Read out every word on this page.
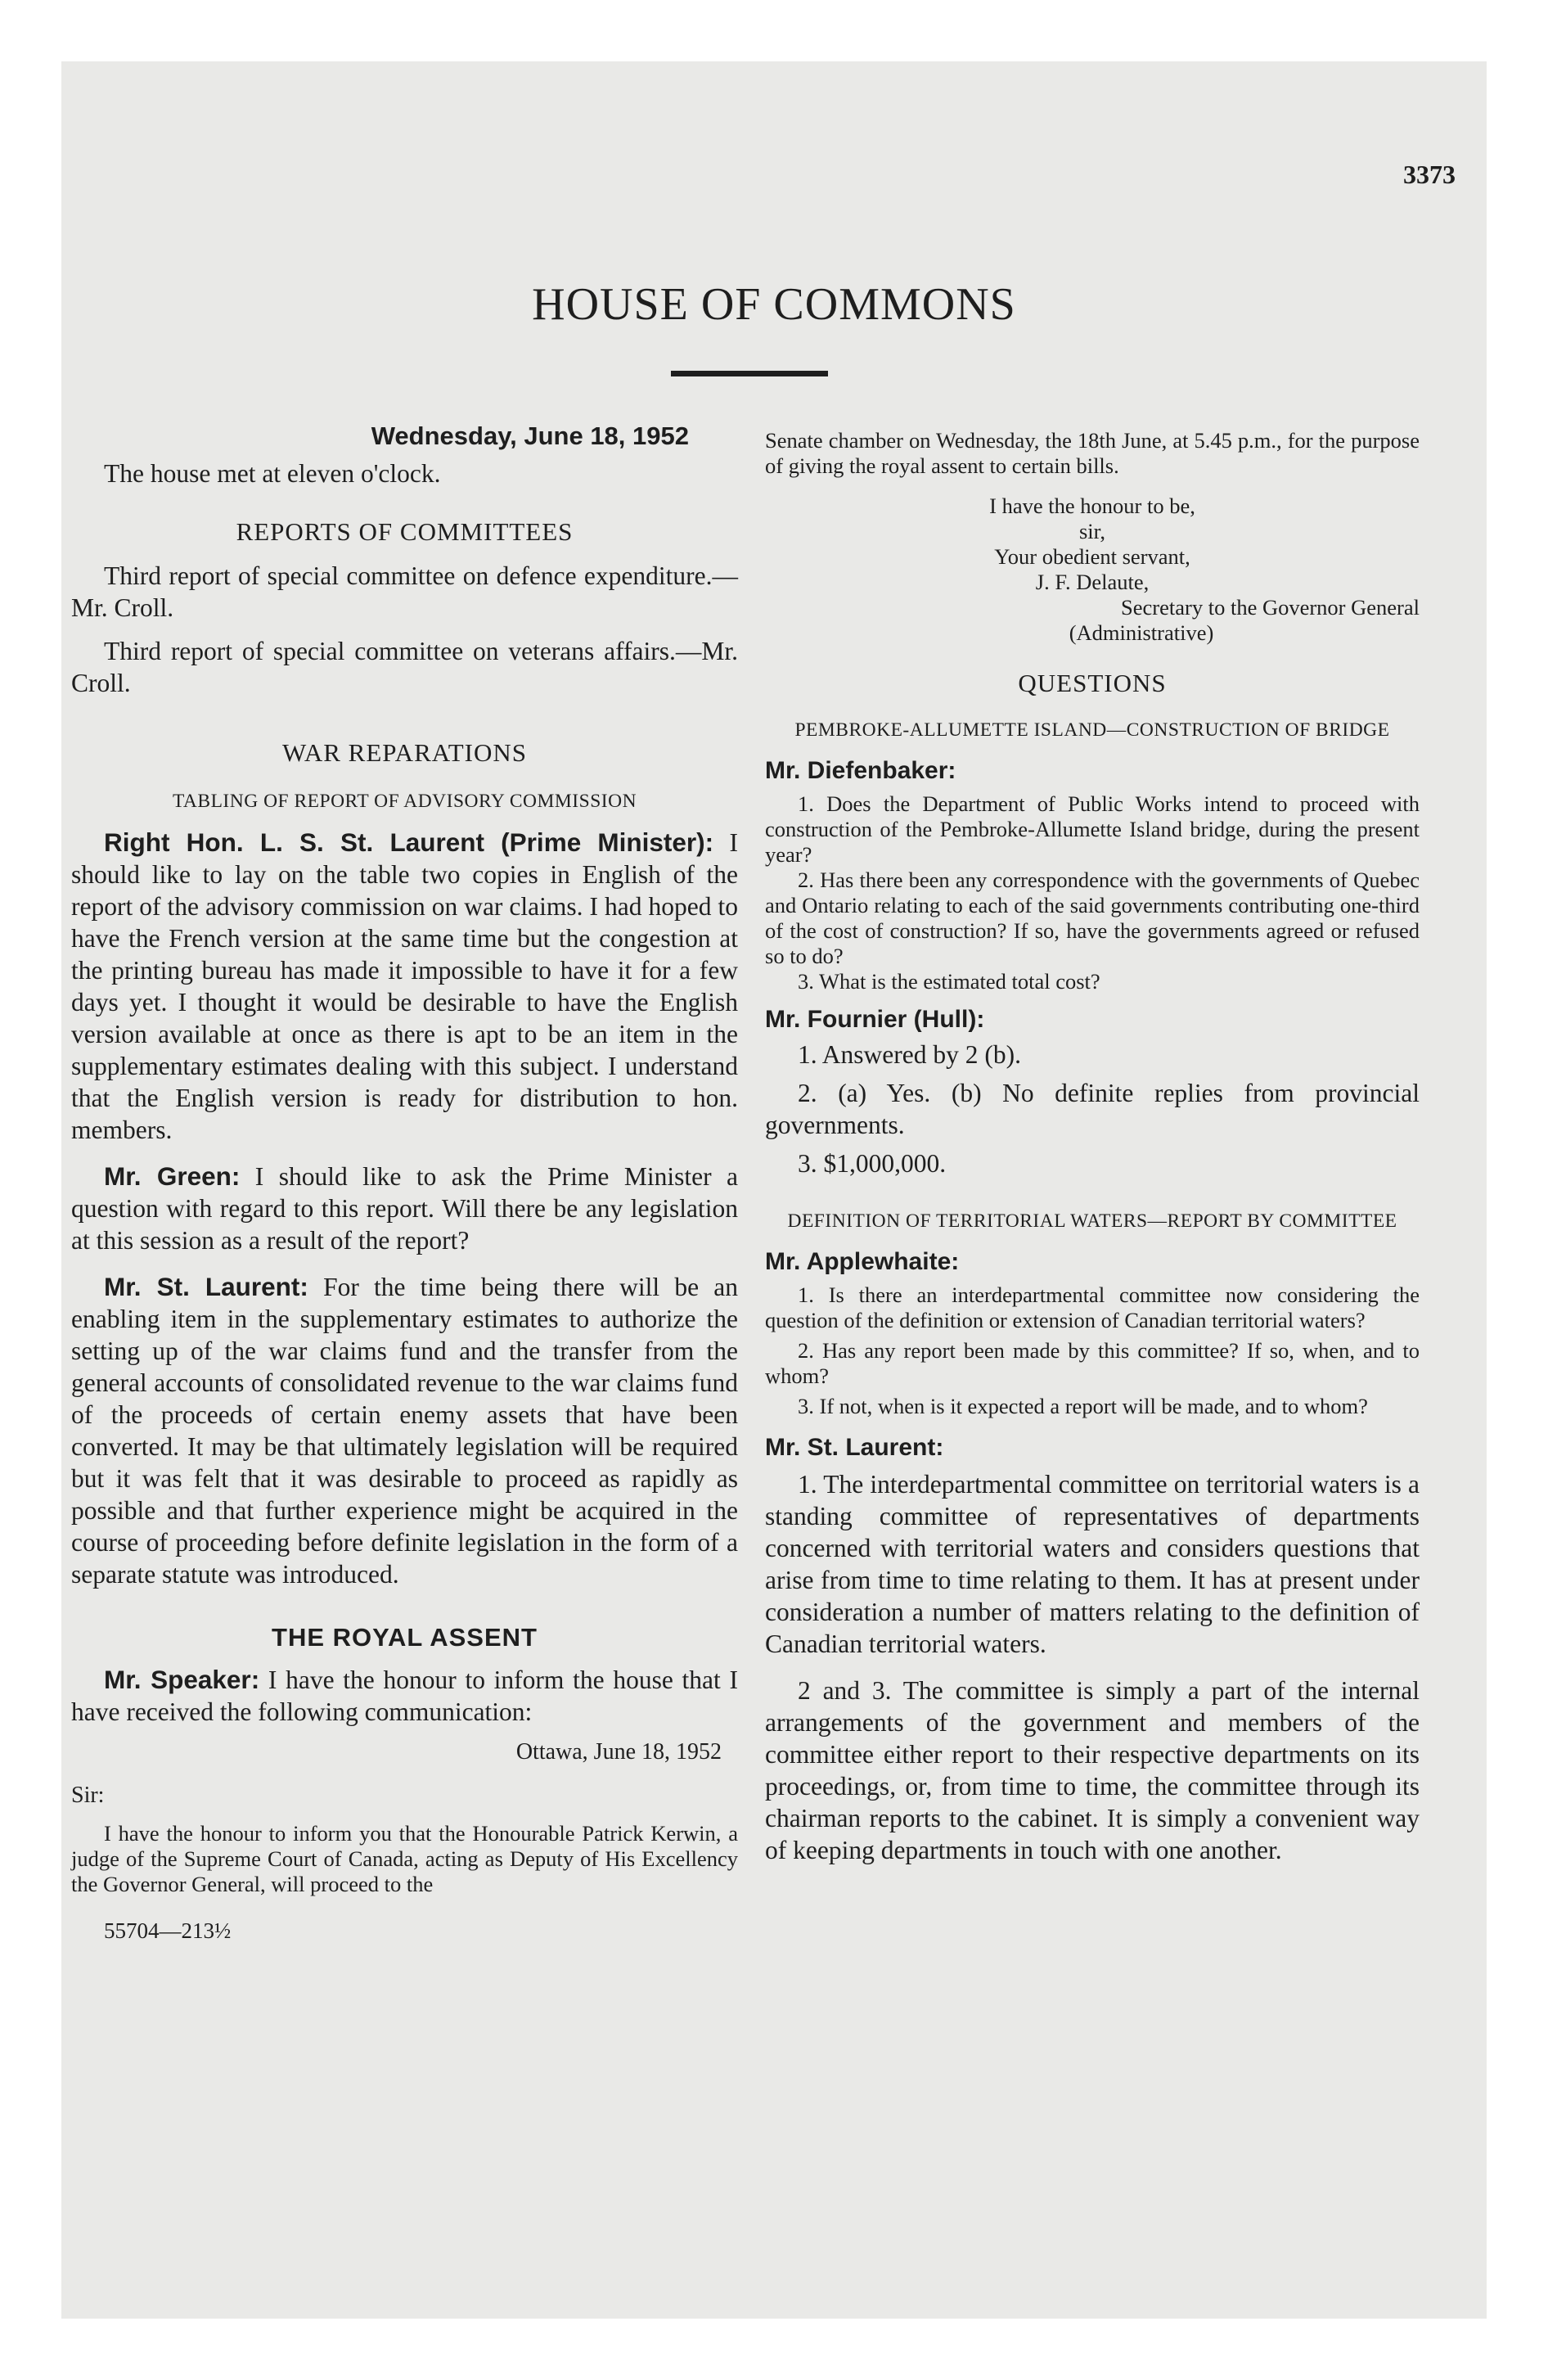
3373
HOUSE OF COMMONS

Wednesday, June 18, 1952

The house met at eleven o'clock.

REPORTS OF COMMITTEES

Third report of special committee on defence expenditure.—Mr. Croll.

Third report of special committee on veterans affairs.—Mr. Croll.

WAR REPARATIONS

TABLING OF REPORT OF ADVISORY COMMISSION

Right Hon. L. S. St. Laurent (Prime Minister): I should like to lay on the table two copies in English of the report of the advisory commission on war claims. I had hoped to have the French version at the same time but the congestion at the printing bureau has made it impossible to have it for a few days yet. I thought it would be desirable to have the English version available at once as there is apt to be an item in the supplementary estimates dealing with this subject. I understand that the English version is ready for distribution to hon. members.

Mr. Green: I should like to ask the Prime Minister a question with regard to this report. Will there be any legislation at this session as a result of the report?

Mr. St. Laurent: For the time being there will be an enabling item in the supplementary estimates to authorize the setting up of the war claims fund and the transfer from the general accounts of consolidated revenue to the war claims fund of the proceeds of certain enemy assets that have been converted. It may be that ultimately legislation will be required but it was felt that it was desirable to proceed as rapidly as possible and that further experience might be acquired in the course of proceeding before definite legislation in the form of a separate statute was introduced.

THE ROYAL ASSENT

Mr. Speaker: I have the honour to inform the house that I have received the following communication:

Ottawa, June 18, 1952

Sir:

I have the honour to inform you that the Honourable Patrick Kerwin, a judge of the Supreme Court of Canada, acting as Deputy of His Excellency the Governor General, will proceed to the

55704—213½

Senate chamber on Wednesday, the 18th June, at 5.45 p.m., for the purpose of giving the royal assent to certain bills.

I have the honour to be,

sir,

Your obedient servant,

J. F. Delaute,

Secretary to the Governor General

(Administrative)

QUESTIONS

PEMBROKE-ALLUMETTE ISLAND—CONSTRUCTION OF BRIDGE

Mr. Diefenbaker:

1. Does the Department of Public Works intend to proceed with construction of the Pembroke-Allumette Island bridge, during the present year?

2. Has there been any correspondence with the governments of Quebec and Ontario relating to each of the said governments contributing one-third of the cost of construction? If so, have the governments agreed or refused so to do?

3. What is the estimated total cost?

Mr. Fournier (Hull):

1. Answered by 2 (b).

2. (a) Yes. (b) No definite replies from provincial governments.

3. $1,000,000.

DEFINITION OF TERRITORIAL WATERS—REPORT BY COMMITTEE

Mr. Applewhaite:

1. Is there an interdepartmental committee now considering the question of the definition or extension of Canadian territorial waters?

2. Has any report been made by this committee? If so, when, and to whom?

3. If not, when is it expected a report will be made, and to whom?

Mr. St. Laurent:

1. The interdepartmental committee on territorial waters is a standing committee of representatives of departments concerned with territorial waters and considers questions that arise from time to time relating to them. It has at present under consideration a number of matters relating to the definition of Canadian territorial waters.

2 and 3. The committee is simply a part of the internal arrangements of the government and members of the committee either report to their respective departments on its proceedings, or, from time to time, the committee through its chairman reports to the cabinet. It is simply a convenient way of keeping departments in touch with one another.
